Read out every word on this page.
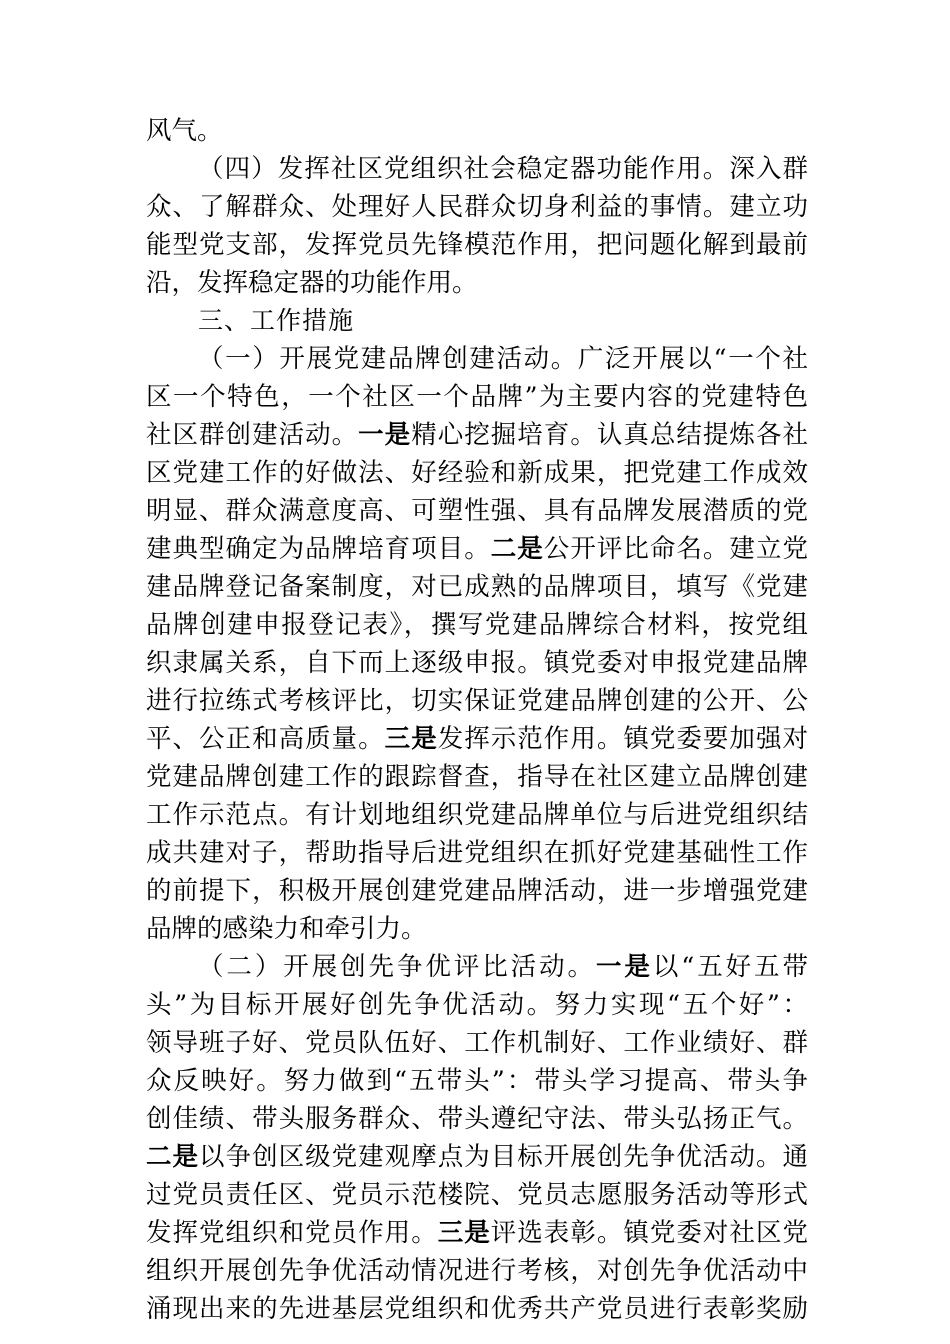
风气。
（四）发挥社区党组织社会稳定器功能作用。深入群
众、了解群众、处理好人民群众切身利益的事情。建立功
能型党支部，发挥党员先锋模范作用，把问题化解到最前
沿，发挥稳定器的功能作用。
三、工作措施
（一）开展党建品牌创建活动。广泛开展以“一个社
区一个特色，一个社区一个品牌”为主要内容的党建特色
社区群创建活动。一是精心挖掘培育。认真总结提炼各社
区党建工作的好做法、好经验和新成果，把党建工作成效
明显、群众满意度高、可塑性强、具有品牌发展潜质的党
建典型确定为品牌培育项目。二是公开评比命名。建立党
建品牌登记备案制度，对已成熟的品牌项目，填写《党建
品牌创建申报登记表》，撰写党建品牌综合材料，按党组
织隶属关系，自下而上逐级申报。镇党委对申报党建品牌
进行拉练式考核评比，切实保证党建品牌创建的公开、公
平、公正和高质量。三是发挥示范作用。镇党委要加强对
党建品牌创建工作的跟踪督查，指导在社区建立品牌创建
工作示范点。有计划地组织党建品牌单位与后进党组织结
成共建对子，帮助指导后进党组织在抓好党建基础性工作
的前提下，积极开展创建党建品牌活动，进一步增强党建
品牌的感染力和牵引力。
（二）开展创先争优评比活动。一是以“五好五带
头”为目标开展好创先争优活动。努力实现“五个好”：
领导班子好、党员队伍好、工作机制好、工作业绩好、群
众反映好。努力做到“五带头”：带头学习提高、带头争
创佳绩、带头服务群众、带头遵纪守法、带头弘扬正气。
二是以争创区级党建观摩点为目标开展创先争优活动。通
过党员责任区、党员示范楼院、党员志愿服务活动等形式
发挥党组织和党员作用。三是评选表彰。镇党委对社区党
组织开展创先争优活动情况进行考核，对创先争优活动中
涌现出来的先进基层党组织和优秀共产党员进行表彰奖励
